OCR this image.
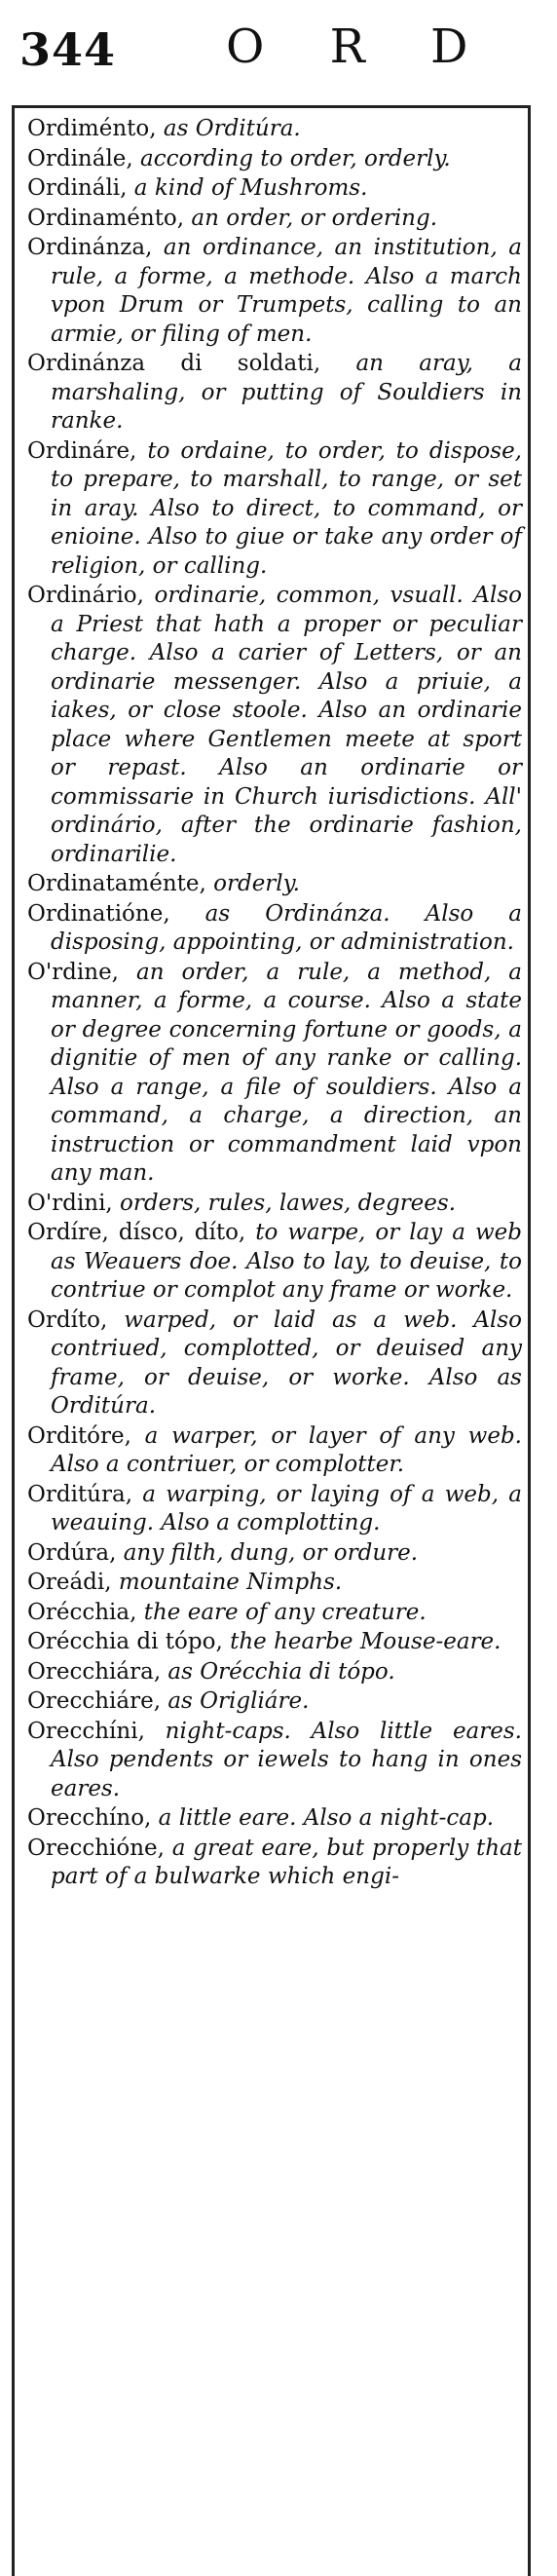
344 O R D

Ordiménto, as Orditúra.

Ordinále, according to order, orderly.

Ordináli, a kind of Mushroms.

Ordinaménto, an order, or ordering.

Ordinánza, an ordinance, an institution, a rule, a forme, a methode. Also a march vpon Drum or Trumpets, calling to an armie, or filing of men.

Ordinánza di soldati, an aray, a marshaling, or putting of Souldiers in ranke.

Ordináre, to ordaine, to order, to dispose, to prepare, to marshall, to range, or set in aray. Also to direct, to command, or enioine. Also to giue or take any order of religion, or calling.

Ordinário, ordinarie, common, vsuall. Also a Priest that hath a proper or peculiar charge. Also a carier of Letters, or an ordinarie messenger. Also a priuie, a iakes, or close stoole. Also an ordinarie place where Gentlemen meete at sport or repast. Also an ordinarie or commissarie in Church iurisdictions. All' ordinário, after the ordinarie fashion, ordinarilie.

Ordinataménte, orderly.

Ordinatióne, as Ordinánza. Also a disposing, appointing, or administration.

O'rdine, an order, a rule, a method, a manner, a forme, a course. Also a state or degree concerning fortune or goods, a dignitie of men of any ranke or calling. Also a range, a file of souldiers. Also a command, a charge, a direction, an instruction or commandment laid vpon any man.

O'rdini, orders, rules, lawes, degrees.

Ordíre, dísco, díto, to warpe, or lay a web as Weauers doe. Also to lay, to deuise, to contriue or complot any frame or worke.

Ordíto, warped, or laid as a web. Also contriued, complotted, or deuised any frame, or deuise, or worke. Also as Orditúra.

Orditóre, a warper, or layer of any web. Also a contriuer, or complotter.

Orditúra, a warping, or laying of a web, a weauing. Also a complotting.

Ordúra, any filth, dung, or ordure.

Oreádi, mountaine Nimphs.

Orécchia, the eare of any creature.

Orécchia di tópo, the hearbe Mouse-eare.

Orecchiára, as Orécchia di tópo.

Orecchiáre, as Origliáre.

Orecchíni, night-caps. Also little eares. Also pendents or iewels to hang in ones eares.

Orecchíno, a little eare. Also a night-cap.

Orecchióne, a great eare, but properly that part of a bulwarke which engi-
